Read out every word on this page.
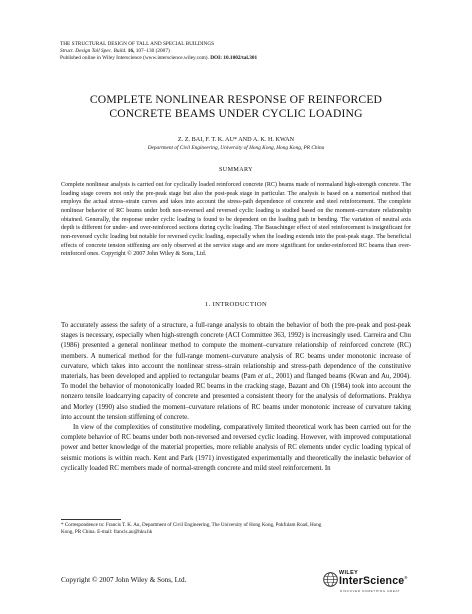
THE STRUCTURAL DESIGN OF TALL AND SPECIAL BUILDINGS
Struct. Design Tall Spec. Build. 16, 107–130 (2007)
Published online in Wiley Interscience (www.interscience.wiley.com). DOI: 10.1002/tal.301
COMPLETE NONLINEAR RESPONSE OF REINFORCED
CONCRETE BEAMS UNDER CYCLIC LOADING
Z. Z. BAI, F. T. K. AU* AND A. K. H. KWAN
Department of Civil Engineering, University of Hong Kong, Hong Kong, PR China
SUMMARY
Complete nonlinear analysis is carried out for cyclically loaded reinforced concrete (RC) beams made of normaland high-strength concrete. The loading stage covers not only the pre-peak stage but also the post-peak stage in particular. The analysis is based on a numerical method that employs the actual stress–strain curves and takes into account the stress-path dependence of concrete and steel reinforcement. The complete nonlinear behavior of RC beams under both non-reversed and reversed cyclic loading is studied based on the moment–curvature relationship obtained. Generally, the response under cyclic loading is found to be dependent on the loading path in bending. The variation of neutral axis depth is different for under- and over-reinforced sections during cyclic loading. The Bauschinger effect of steel reinforcement is insignificant for non-reversed cyclic loading but notable for reversed cyclic loading, especially when the loading extends into the post-peak stage. The beneficial effects of concrete tension stiffening are only observed at the service stage and are more significant for under-reinforced RC beams than over-reinforced ones. Copyright © 2007 John Wiley & Sons, Ltd.
1. INTRODUCTION

To accurately assess the safety of a structure, a full-range analysis to obtain the behavior of both the pre-peak and post-peak stages is necessary, especially when high-strength concrete (ACI Committee 363, 1992) is increasingly used. Carreira and Chu (1986) presented a general nonlinear method to compute the moment–curvature relationship of reinforced concrete (RC) members. A numerical method for the full-range moment–curvature analysis of RC beams under monotonic increase of curvature, which takes into account the nonlinear stress–strain relationship and stress-path dependence of the constitutive materials, has been developed and applied to rectangular beams (Pam et al., 2001) and flanged beams (Kwan and Au, 2004). To model the behavior of monotonically loaded RC beams in the cracking stage, Bazant and Oh (1984) took into account the nonzero tensile loadcarrying capacity of concrete and presented a consistent theory for the analysis of deformations. Prakhya and Morley (1990) also studied the moment–curvature relations of RC beams under monotonic increase of curvature taking into account the tension stiffening of concrete.

In view of the complexities of constitutive modeling, comparatively limited theoretical work has been carried out for the complete behavior of RC beams under both non-reversed and reversed cyclic loading. However, with improved computational power and better knowledge of the material properties, more reliable analysis of RC elements under cyclic loading typical of seismic motions is within reach. Kent and Park (1971) investigated experimentally and theoretically the inelastic behavior of cyclically loaded RC members made of normal-strength concrete and mild steel reinforcement. In

* Correspondence to: Francis T. K. Au, Department of Civil Engineering, The University of Hong Kong, Pokfulam Road, Hong
Kong, PR China. E-mail: francis.au@hku.hk
Copyright © 2007 John Wiley & Sons, Ltd.
WILEY
InterScience®
DISCOVER SOMETHING GREAT
